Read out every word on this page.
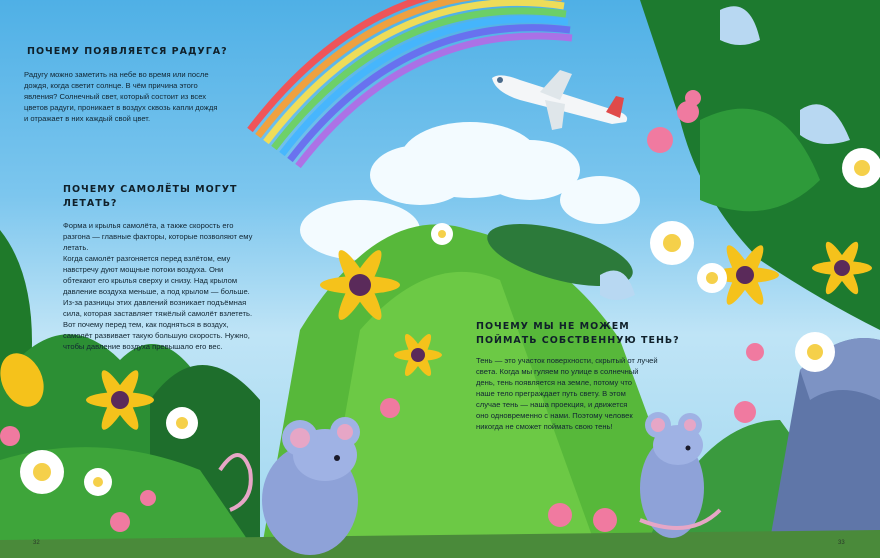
ПОЧЕМУ ПОЯВЛЯЕТСЯ РАДУГА?
Радугу можно заметить на небе во время или после
дождя, когда светит солнце. В чём причина этого
явления? Солнечный свет, который состоит из всех
цветов радуги, проникает в воздух сквозь капли дождя
и отражает в них каждый свой цвет.
ПОЧЕМУ САМОЛЁТЫ МОГУТ
ЛЕТАТЬ?
Форма и крылья самолёта, а также скорость его
разгона — главные факторы, которые позволяют ему
летать.
Когда самолёт разгоняется перед взлётом, ему
навстречу дуют мощные потоки воздуха. Они
обтекают его крылья сверху и снизу. Над крылом
давление воздуха меньше, а под крылом — больше.
Из-за разницы этих давлений возникает подъёмная
сила, которая заставляет тяжёлый самолёт взлететь.
Вот почему перед тем, как подняться в воздух,
самолёт развивает такую большую скорость. Нужно,
чтобы давление воздуха превышало его вес.
ПОЧЕМУ МЫ НЕ МОЖЕМ
ПОЙМАТЬ СОБСТВЕННУЮ ТЕНЬ?
Тень — это участок поверхности, скрытый от лучей
света. Когда мы гуляем по улице в солнечный
день, тень появляется на земле, потому что
наше тело преграждает путь свету. В этом
случае тень — наша проекция, и движется
оно одновременно с нами. Поэтому человек
никогда не сможет поймать свою тень!
32	33
